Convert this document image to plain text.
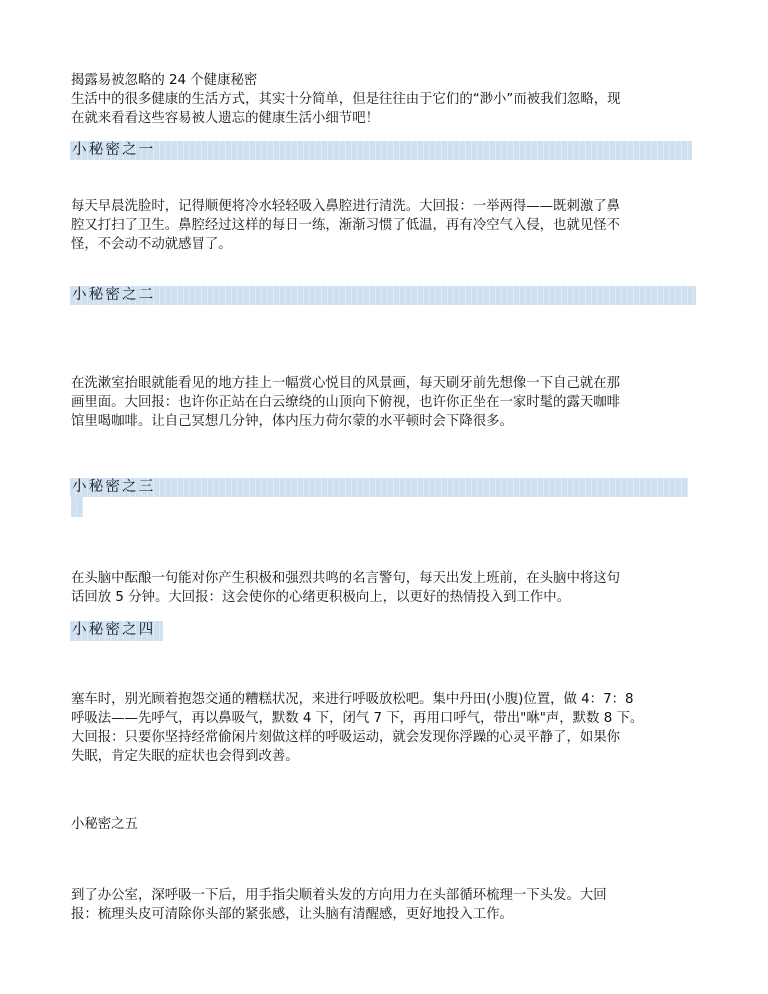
揭露易被忽略的 24 个健康秘密
生活中的很多健康的生活方式，其实十分简单，但是往往由于它们的“渺小”而被我们忽略，现
在就来看看这些容易被人遗忘的健康生活小细节吧！
小秘密之一
每天早晨洗脸时，记得顺便将冷水轻轻吸入鼻腔进行清洗。大回报：一举两得——既刺激了鼻
腔又打扫了卫生。鼻腔经过这样的每日一练，渐渐习惯了低温，再有冷空气入侵，也就见怪不
怪，不会动不动就感冒了。
小秘密之二
在洗漱室抬眼就能看见的地方挂上一幅赏心悦目的风景画，每天刷牙前先想像一下自己就在那
画里面。大回报：也许你正站在白云缭绕的山顶向下俯视，也许你正坐在一家时髦的露天咖啡
馆里喝咖啡。让自己冥想几分钟，体内压力荷尔蒙的水平顿时会下降很多。
小秘密之三
在头脑中酝酿一句能对你产生积极和强烈共鸣的名言警句，每天出发上班前，在头脑中将这句
话回放 5 分钟。大回报：这会使你的心绪更积极向上，以更好的热情投入到工作中。
小秘密之四
塞车时，别光顾着抱怨交通的糟糕状况，来进行呼吸放松吧。集中丹田(小腹)位置，做 4：7：8
呼吸法——先呼气，再以鼻吸气，默数 4 下，闭气 7 下，再用口呼气，带出"咻"声，默数 8 下。
大回报：只要你坚持经常偷闲片刻做这样的呼吸运动，就会发现你浮躁的心灵平静了，如果你
失眠，肯定失眠的症状也会得到改善。
小秘密之五
到了办公室，深呼吸一下后，用手指尖顺着头发的方向用力在头部循环梳理一下头发。大回
报：梳理头皮可清除你头部的紧张感，让头脑有清醒感，更好地投入工作。
